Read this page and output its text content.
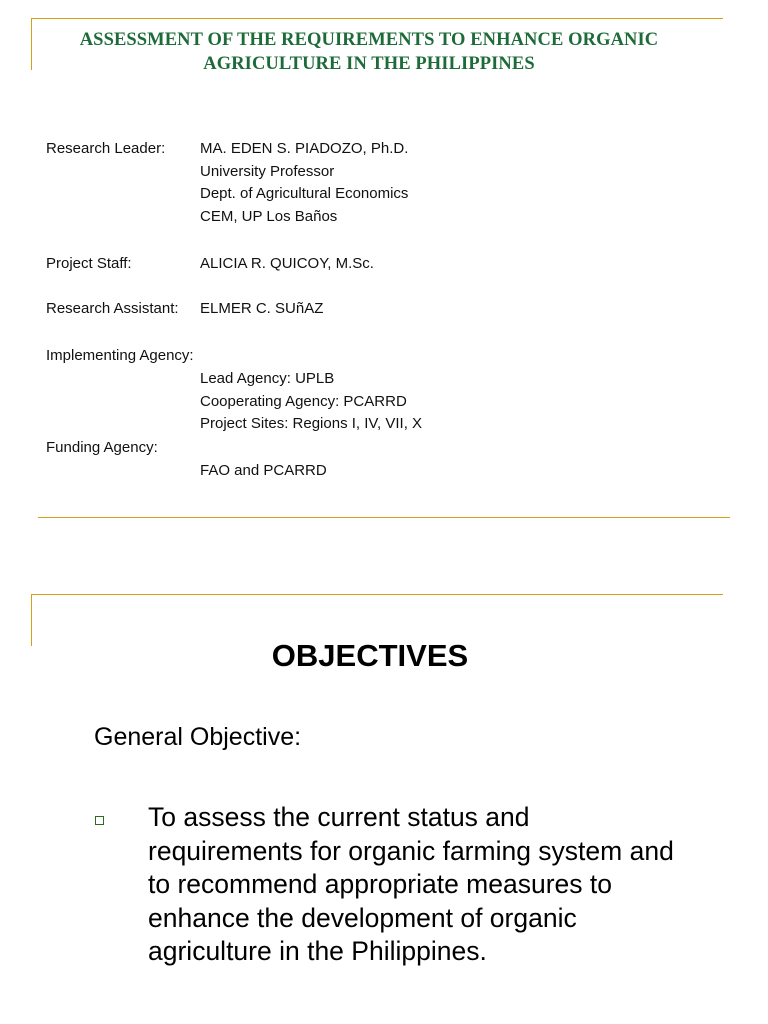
ASSESSMENT OF THE REQUIREMENTS TO ENHANCE ORGANIC
AGRICULTURE IN THE PHILIPPINES
Research Leader: MA. EDEN S. PIADOZO, Ph.D.
University Professor
Dept. of Agricultural Economics
CEM, UP Los Baños
Project Staff:	ALICIA R. QUICOY, M.Sc.
Research Assistant: ELMER C. SUñAZ
Implementing Agency:
Lead Agency: UPLB
Cooperating Agency: PCARRD
Project Sites: Regions I, IV, VII, X
Funding Agency:
FAO and PCARRD
OBJECTIVES
General Objective:
To assess the current status and
requirements for organic farming system and
to recommend appropriate measures to
enhance the development of organic
agriculture in the Philippines.
